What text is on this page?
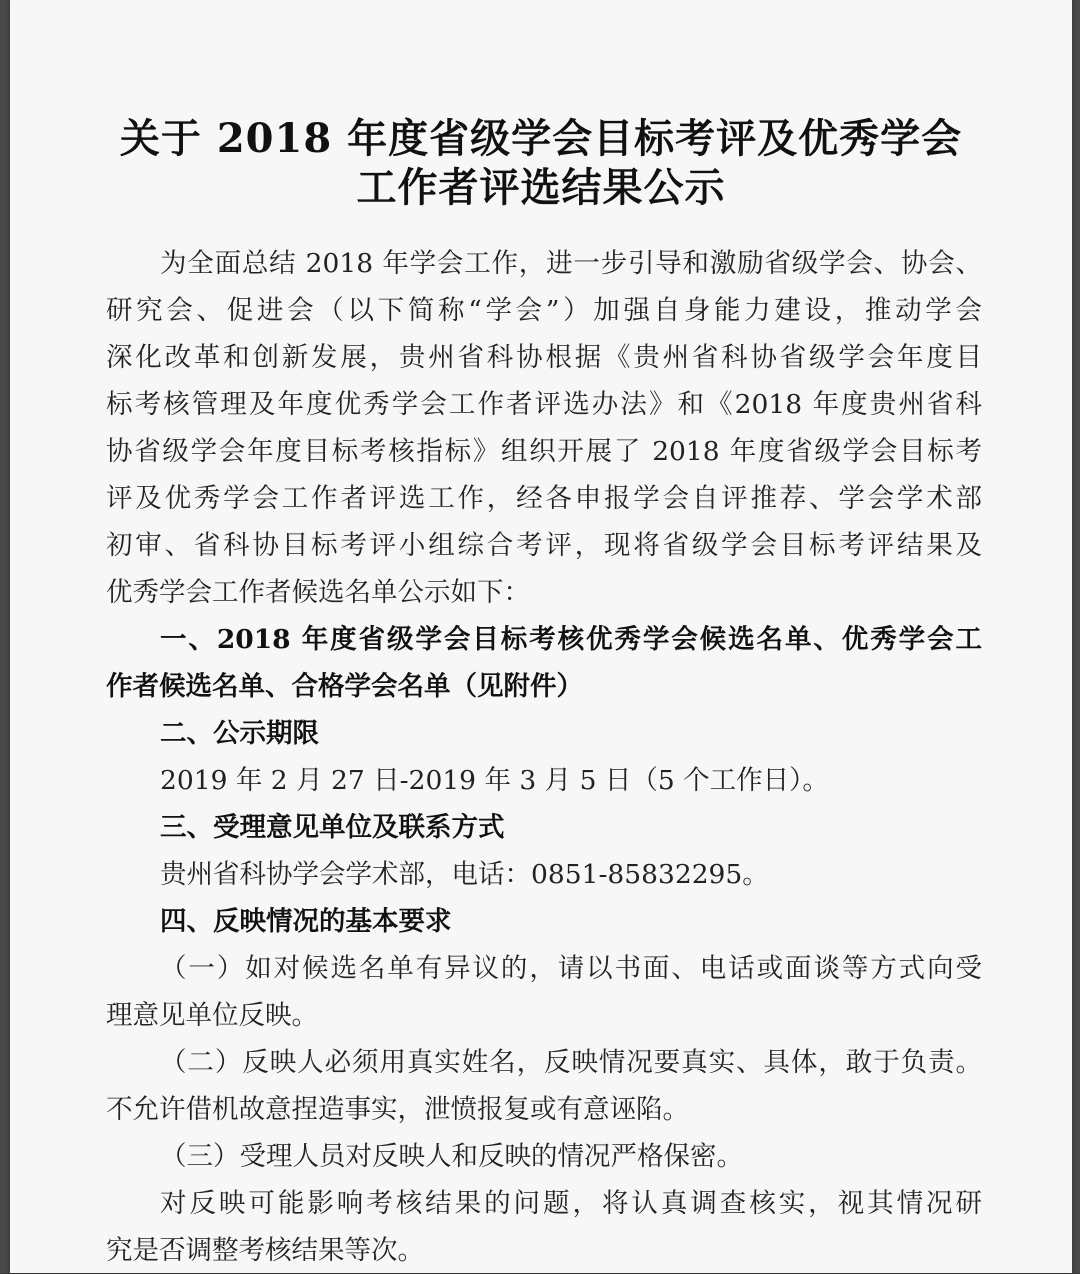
关于 2018 年度省级学会目标考评及优秀学会
工作者评选结果公示
为全面总结 2018 年学会工作，进一步引导和激励省级学会、协会、
研究会、促进会（以下简称“学会”）加强自身能力建设，推动学会
深化改革和创新发展，贵州省科协根据《贵州省科协省级学会年度目
标考核管理及年度优秀学会工作者评选办法》和《2018 年度贵州省科
协省级学会年度目标考核指标》组织开展了 2018 年度省级学会目标考
评及优秀学会工作者评选工作，经各申报学会自评推荐、学会学术部
初审、省科协目标考评小组综合考评，现将省级学会目标考评结果及
优秀学会工作者候选名单公示如下：
一、2018 年度省级学会目标考核优秀学会候选名单、优秀学会工
作者候选名单、合格学会名单（见附件）
二、公示期限
2019 年 2 月 27 日-2019 年 3 月 5 日（5 个工作日）。
三、受理意见单位及联系方式
贵州省科协学会学术部，电话：0851-85832295。
四、反映情况的基本要求
（一）如对候选名单有异议的，请以书面、电话或面谈等方式向受
理意见单位反映。
（二）反映人必须用真实姓名，反映情况要真实、具体，敢于负责。
不允许借机故意捏造事实，泄愤报复或有意诬陷。
（三）受理人员对反映人和反映的情况严格保密。
对反映可能影响考核结果的问题，将认真调查核实，视其情况研
究是否调整考核结果等次。
